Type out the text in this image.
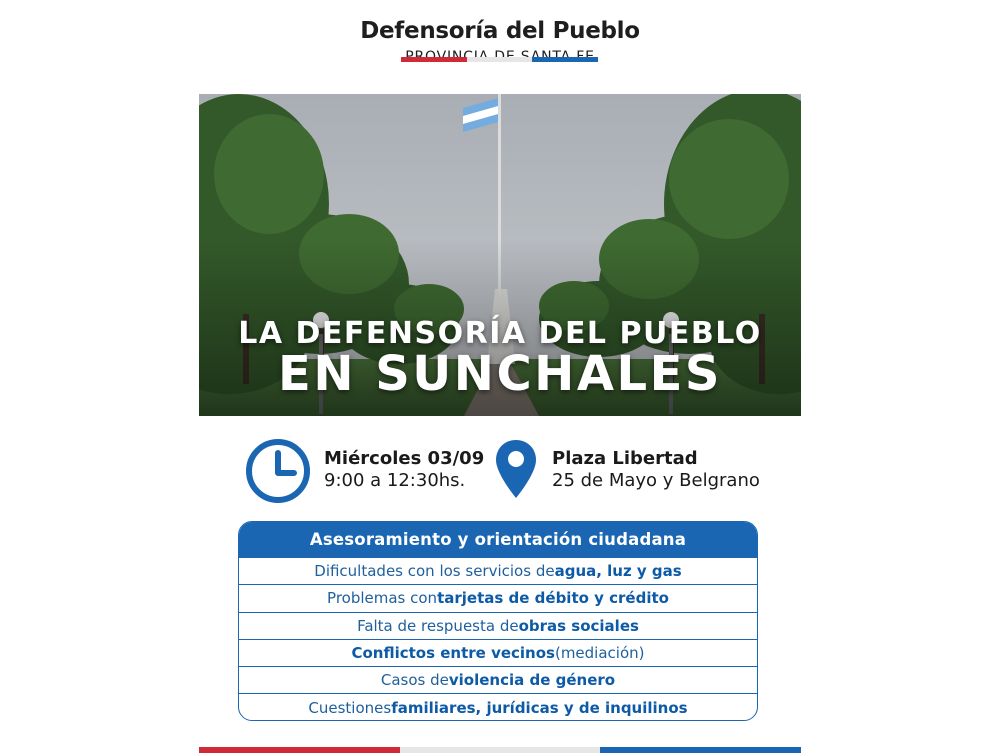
Defensoría del Pueblo
LA DEFENSORÍA DEL PUEBLO
EN SUNCHALES
Miércoles 03/09
9:00 a 12:30hs.
Plaza Libertad
25 de Mayo y Belgrano
Asesoramiento y orientación ciudadana
Dificultades con los servicios de agua, luz y gas
Problemas con tarjetas de débito y crédito
Falta de respuesta de obras sociales
Conflictos entre vecinos (mediación)
Casos de violencia de género
Cuestiones familiares, jurídicas y de inquilinos
